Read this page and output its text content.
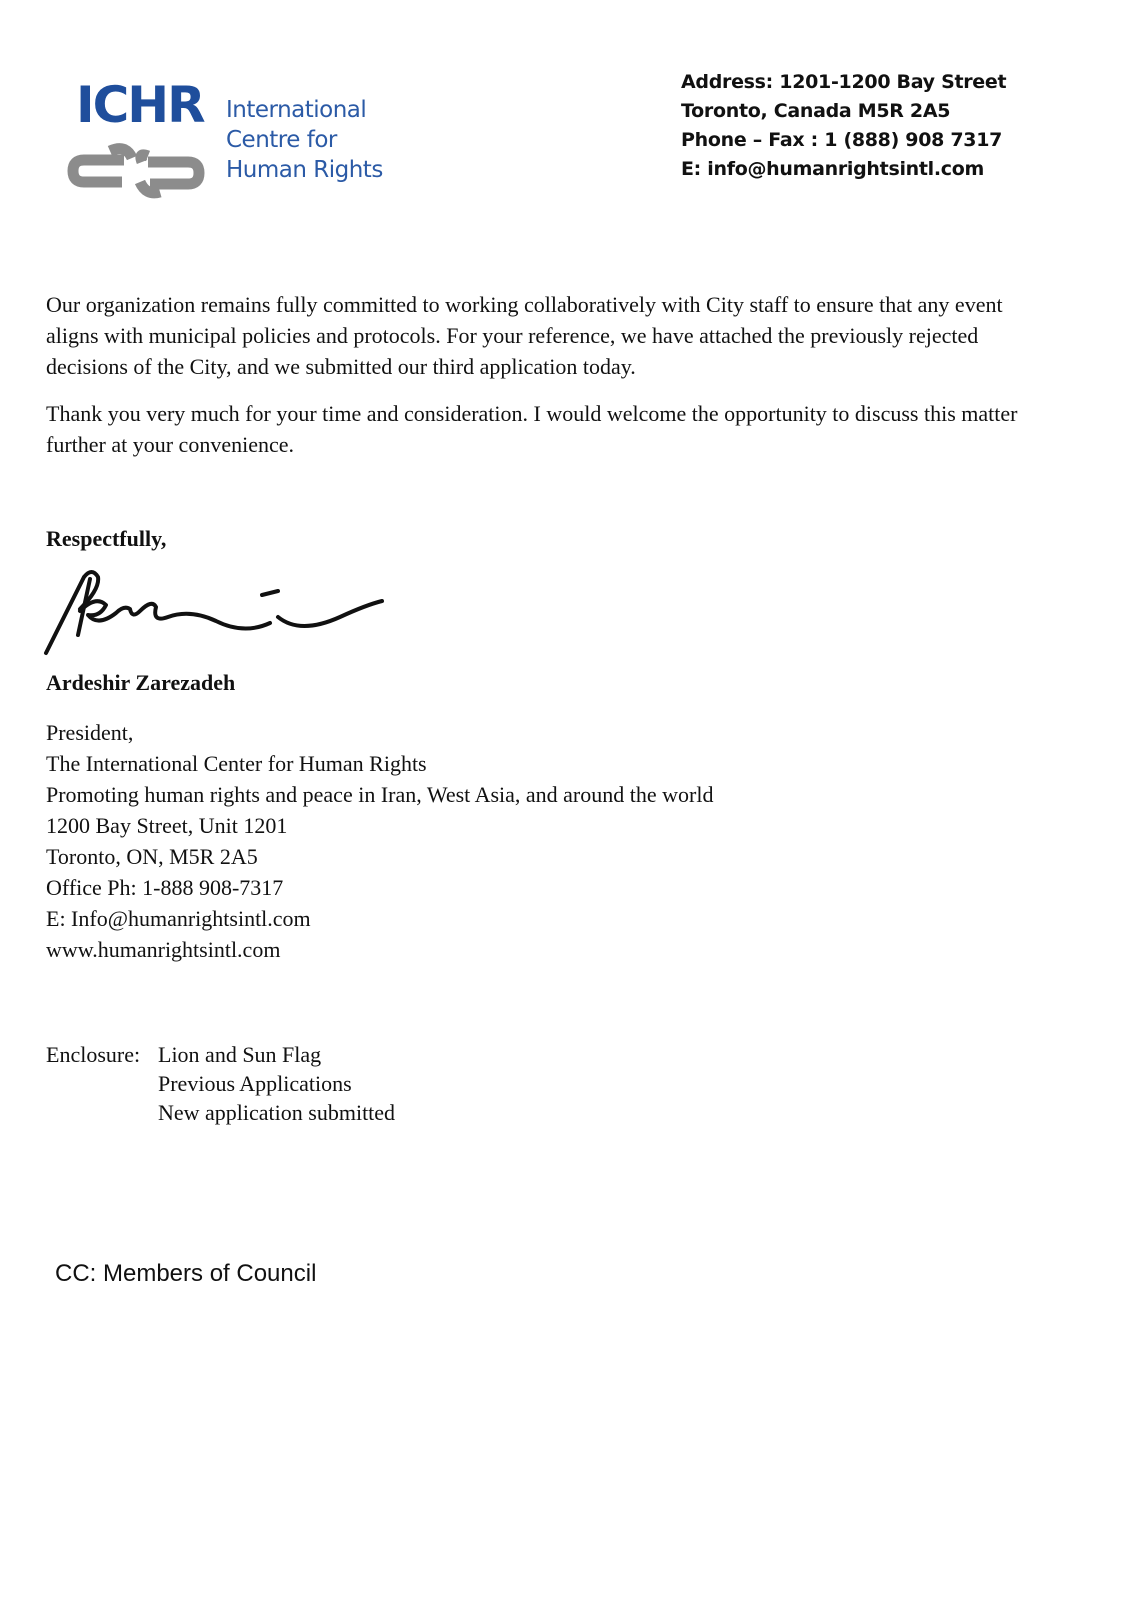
ICHR International
Centre for
Human Rights
Address: 1201-1200 Bay Street
Toronto, Canada M5R 2A5
Phone – Fax : 1 (888) 908 7317
E: info@humanrightsintl.com

Our organization remains fully committed to working collaboratively with City staff to ensure that any event aligns with municipal policies and protocols. For your reference, we have attached the previously rejected decisions of the City, and we submitted our third application today.

Thank you very much for your time and consideration. I would welcome the opportunity to discuss this matter further at your convenience.

Respectfully,
Ardeshir Zarezadeh
President,
The International Center for Human Rights
Promoting human rights and peace in Iran, West Asia, and around the world
1200 Bay Street, Unit 1201
Toronto, ON, M5R 2A5
Office Ph: 1-888 908-7317
E: Info@humanrightsintl.com
www.humanrightsintl.com
Enclosure: Lion and Sun Flag
Previous Applications
New application submitted
CC: Members of Council
